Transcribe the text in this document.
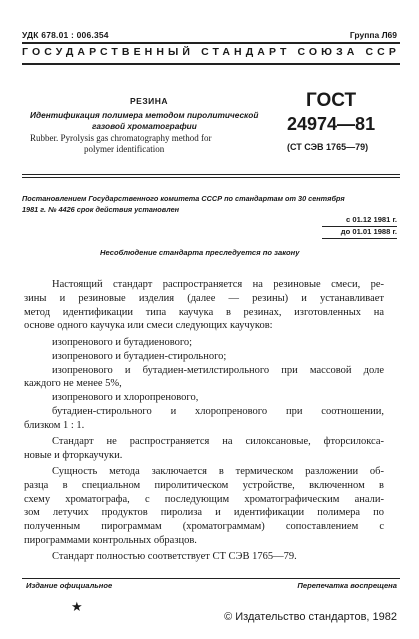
УДК 678.01 : 006.354	Группа Л69
ГОСУДАРСТВЕННЫЙ СТАНДАРТ СОЮЗА ССР
РЕЗИНА
Идентификация полимера методом пиролитической
газовой хроматографии
Rubber. Pyrolysis gas chromatography method for
polymer identification
ГОСТ
24974—81
(СТ СЭВ 1765—79)
Постановлением Государственного комитета СССР по стандартам от 30 сентября
1981 г. № 4426 срок действия установлен
с 01.12 1981 г.
до 01.01 1988 г.
Несоблюдение стандарта преследуется по закону
Настоящий стандарт распространяется на резиновые смеси, ре-
зины и резиновые изделия (далее — резины) и устанавливает
метод идентификации типа каучука в резинах, изготовленных на
основе одного каучука или смеси следующих каучуков:
изопренового и бутадиенового;
изопренового и бутадиен-стирольного;
изопренового и бутадиен-метилстирольного при массовой доле
каждого не менее 5%,
изопренового и хлоропренового,
бутадиен-стирольного и хлоропренового при соотношении,
близком 1 : 1.
Стандарт не распространяется на силоксановые, фторсилокса-
новые и фторкаучуки.
Сущность метода заключается в термическом разложении об-
разца в специальном пиролитическом устройстве, включенном в
схему хроматографа, с последующим хроматографическим анали-
зом летучих продуктов пиролиза и идентификации полимера по
полученным пирограммам (хроматограммам) сопоставлением с
пирограммами контрольных образцов.
Стандарт полностью соответствует СТ СЭВ 1765—79.
Издание официальное	Перепечатка воспрещена
★
© Издательство стандартов, 1982
